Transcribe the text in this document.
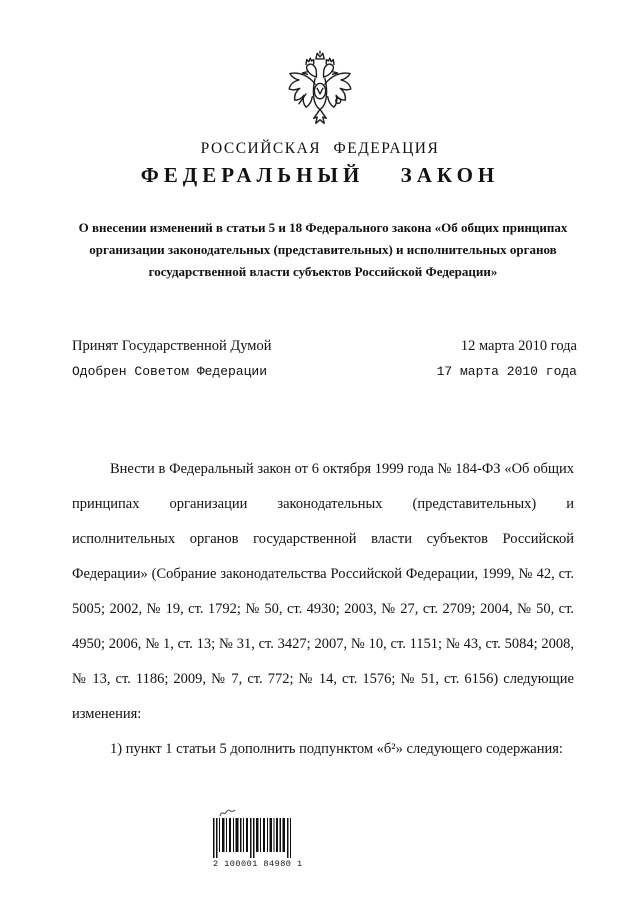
РОССИЙСКАЯ ФЕДЕРАЦИЯ
ФЕДЕРАЛЬНЫЙ ЗАКОН
О внесении изменений в статьи 5 и 18 Федерального закона «Об общих принципах организации законодательных (представительных) и исполнительных органов государственной власти субъектов Российской Федерации»
Принят Государственной Думой	12 марта 2010 года
Одобрен Советом Федерации	17 марта 2010 года

Внести в Федеральный закон от 6 октября 1999 года № 184-ФЗ «Об общих принципах организации законодательных (представительных) и исполнительных органов государственной власти субъектов Российской Федерации» (Собрание законодательства Российской Федерации, 1999, № 42, ст. 5005; 2002, № 19, ст. 1792; № 50, ст. 4930; 2003, № 27, ст. 2709; 2004, № 50, ст. 4950; 2006, № 1, ст. 13; № 31, ст. 3427; 2007, № 10, ст. 1151; № 43, ст. 5084; 2008, № 13, ст. 1186; 2009, № 7, ст. 772; № 14, ст. 1576; № 51, ст. 6156) следующие изменения:

1) пункт 1 статьи 5 дополнить подпунктом «б²» следующего содержания:

2 100001 84980 1
